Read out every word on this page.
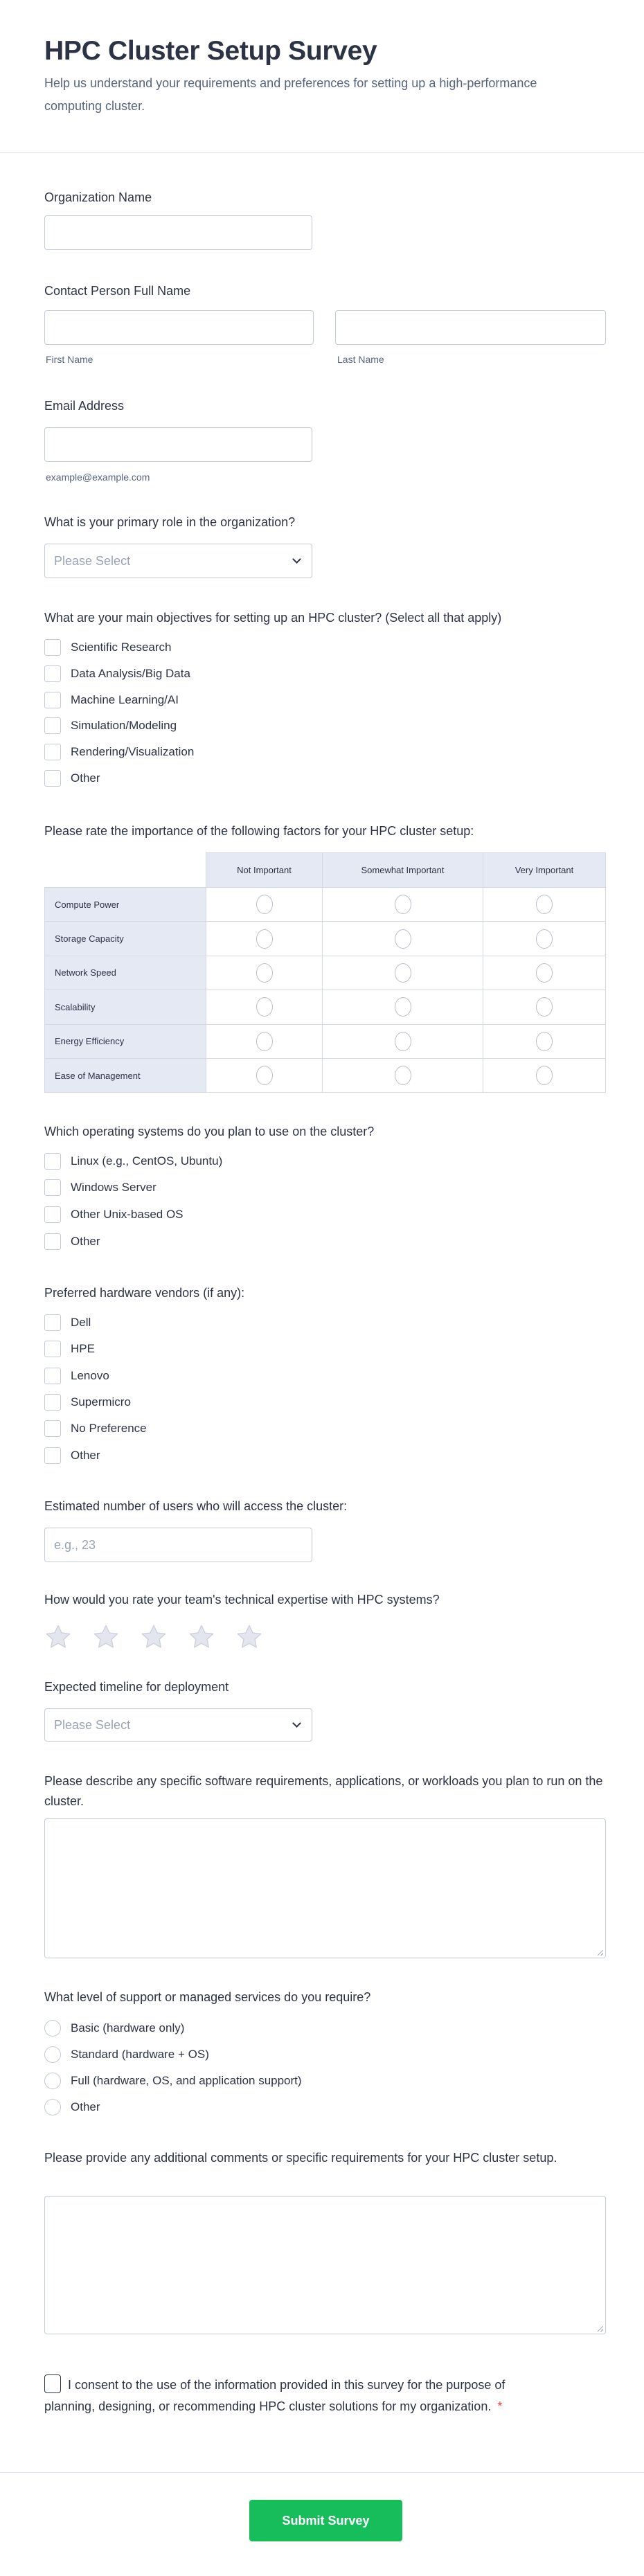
HPC Cluster Setup Survey
Help us understand your requirements and preferences for setting up a high-performance computing cluster.
Organization Name
Contact Person Full Name
First Name	Last Name
Email Address
example@example.com
What is your primary role in the organization?
Please Select
What are your main objectives for setting up an HPC cluster? (Select all that apply)
Scientific Research
Data Analysis/Big Data
Machine Learning/AI
Simulation/Modeling
Rendering/Visualization
Other
Please rate the importance of the following factors for your HPC cluster setup:
	Not Important	Somewhat Important	Very Important
Compute Power			
Storage Capacity			
Network Speed			
Scalability			
Energy Efficiency			
Ease of Management			
Which operating systems do you plan to use on the cluster?
Linux (e.g., CentOS, Ubuntu)
Windows Server
Other Unix-based OS
Other
Preferred hardware vendors (if any):
Dell
HPE
Lenovo
Supermicro
No Preference
Other
Estimated number of users who will access the cluster:
e.g., 23
How would you rate your team's technical expertise with HPC systems?
Expected timeline for deployment
Please Select
Please describe any specific software requirements, applications, or workloads you plan to run on the cluster.
What level of support or managed services do you require?
Basic (hardware only)
Standard (hardware + OS)
Full (hardware, OS, and application support)
Other
Please provide any additional comments or specific requirements for your HPC cluster setup.
I consent to the use of the information provided in this survey for the purpose of planning, designing, or recommending HPC cluster solutions for my organization. *
Submit Survey
